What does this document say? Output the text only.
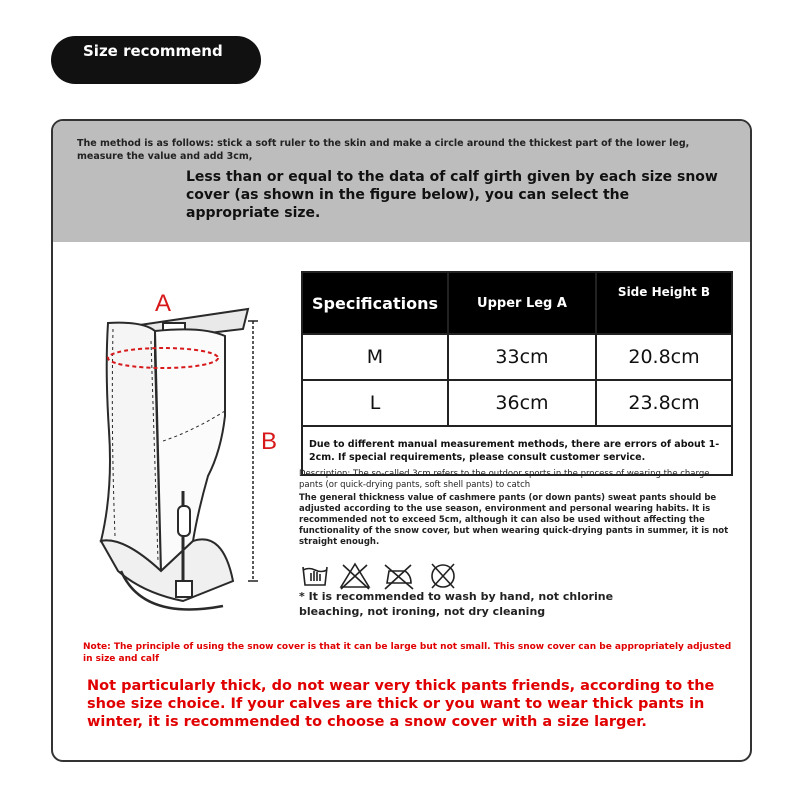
Size recommend
The method is as follows: stick a soft ruler to the skin and make a circle around the thickest part of the lower leg, measure the value and add 3cm,
Less than or equal to the data of calf girth given by each size snow cover (as shown in the figure below), you can select the appropriate size.
A
B
Specifications	Upper Leg A	Side Height B
M	33cm	20.8cm
L	36cm	23.8cm
Due to different manual measurement methods, there are errors of about 1-2cm. If special requirements, please consult customer service.		
Description: The so-called 3cm refers to the outdoor sports in the process of wearing the charge pants (or quick-drying pants, soft shell pants) to catch
The general thickness value of cashmere pants (or down pants) sweat pants should be adjusted according to the use season, environment and personal wearing habits. It is recommended not to exceed 5cm, although it can also be used without affecting the functionality of the snow cover, but when wearing quick-drying pants in summer, it is not straight enough.
* It is recommended to wash by hand, not chlorine bleaching, not ironing, not dry cleaning
Note: The principle of using the snow cover is that it can be large but not small. This snow cover can be appropriately adjusted in size and calf
Not particularly thick, do not wear very thick pants friends, according to the shoe size choice. If your calves are thick or you want to wear thick pants in winter, it is recommended to choose a snow cover with a size larger.
